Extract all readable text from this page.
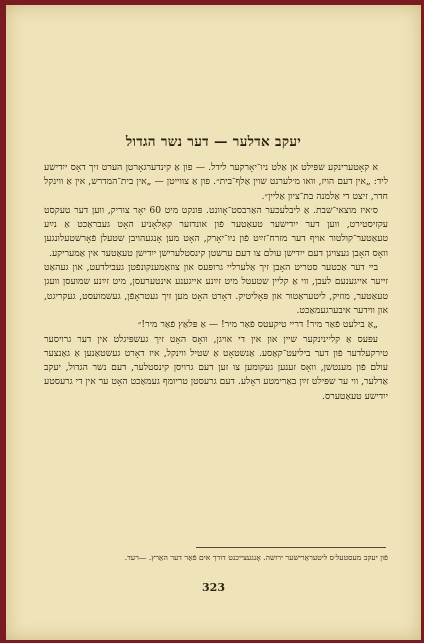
יעקב אדלער — דער נשר הגדול

א קאָטערינקע שפּילט אן אַלט ניו־יאָרקער לידל. — פון אַ קינדערגאָרטן הערט זיך דאָס ייִדישע ליד: „אין דעם הויז, וואו מ׳לערנט שוין אַלף־בית״. פון אַ צווייטן — „אין בית־המדרש, אין אַ ווינקל חדר, זיצט די אַלמנה בת־ציון אַליין״.

ס׳איז מוצאי־שבת. אַ ליבלעכער האַרבסט־אָוונט. פּונקט מיט 60 יאָר צוריק, ווען דער טעקסט עקזיסטירט, ווען דער ייִדישער טעאַטער פֿון אונדזער קאָלאָניע האָט געבראַכט אַ נײַע טעאַטער־קולטור אויף דער מזרח־זײַט פֿון ניו־יאָרק, האָט מען אָנגעהויבן שטעלן פֿאָרשטעלונגען וואָס האָבן געצויגן דעם ייִדישן עולם צו דעם ערשטן קינסטלערישן ייִדישן טעאַטער אין אַמעריקע.

ביי דער אַכטער סטריט האָבן זיך אַלערליי גרופּעס און צוזאַמענקונפֿטן געבילדעט, און געהאַט זייער אייגענעם לעבן, ווי אַ קליין שטעטל מיט זײַנע אייגענע אינטערעסן, מיט זײַנע שמועסן וועגן טעאַטער, מוזיק, ליטעראַטור און פּאָליטיק. דאָרט האָט מען זיך געטראָפֿן, געשמועסט, געקריגט, און ווידער איבערגעמאַכט.

„אַ בילעט פֿאַר מיר! דריי טיקעטס פֿאַר מיר! — אַ פּלאַץ פֿאַר מיר!״

עפּעס אַ קליינינקער שיין און אין די אויגן, וואָס האָט זיך געשפּיגלט אין דער גרויסער טירקעלדער פֿון דער ביליעט־קאַסע. אַנשטאָט אַ שטיל ווינקל, איז דאָרט געשטאַנען אַ גאַנצער עולם פֿון מענטשן, וואָס זענען געקומען צו זען דעם גרויסן קינסטלער, דעם נשר הגדול, יעקב אַדלער, ווי ער שפּילט זײַן באַרימטע ראָלע. דעם גרעסטן טריומף געמאַכט האָט ער אין די גרעסטע ייִדישע טעאַטערס.

פֿון יעקב מעסטעל׳ס ליטעראַרישער ירושה. אָנגעצייכנט דורך אים פֿאַר דער האַרץ. —רעד.
323
